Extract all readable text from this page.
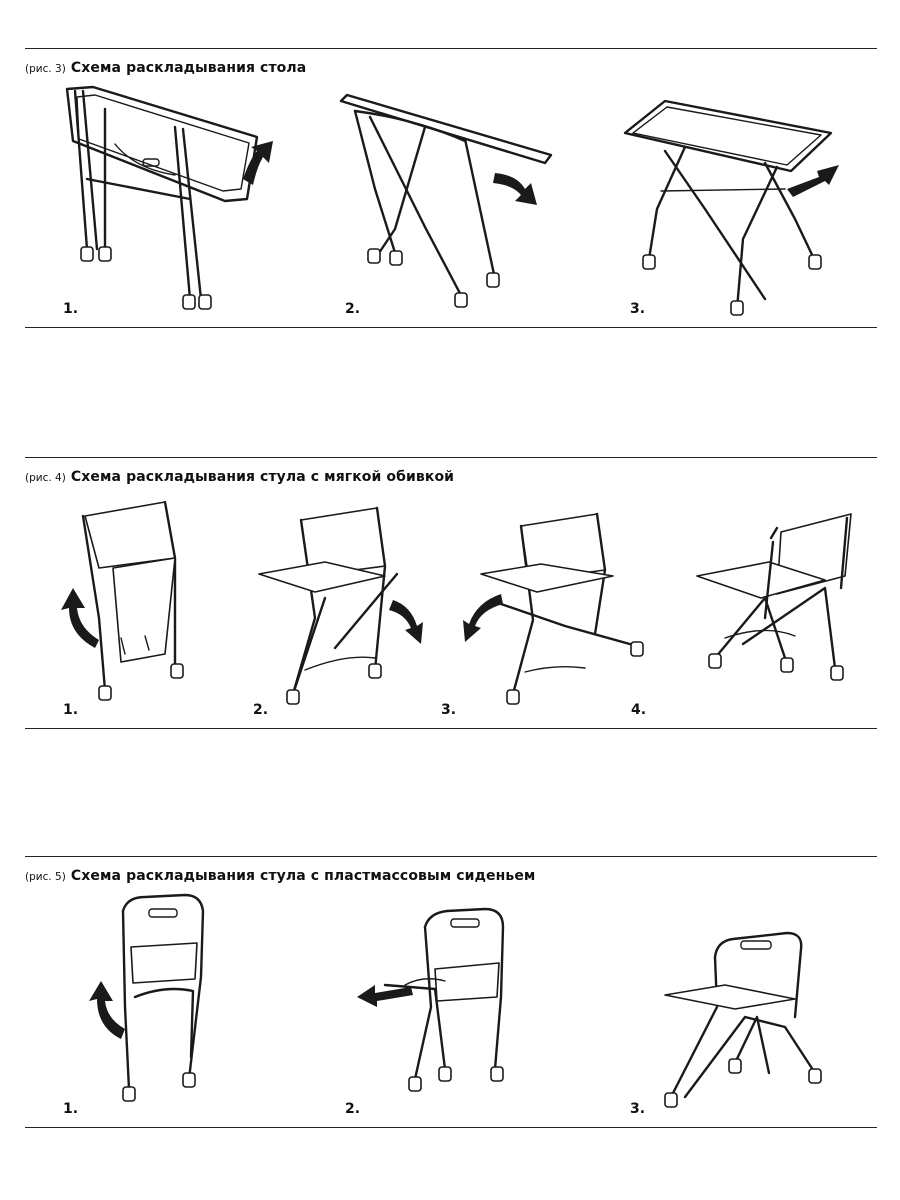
(рис. 3) Схема раскладывания стола
1.	2.	3.
(рис. 4) Схема раскладывания стула с мягкой обивкой
1.	2.	3.	4.
(рис. 5) Схема раскладывания стула с пластмассовым сиденьем
1.	2.	3.
